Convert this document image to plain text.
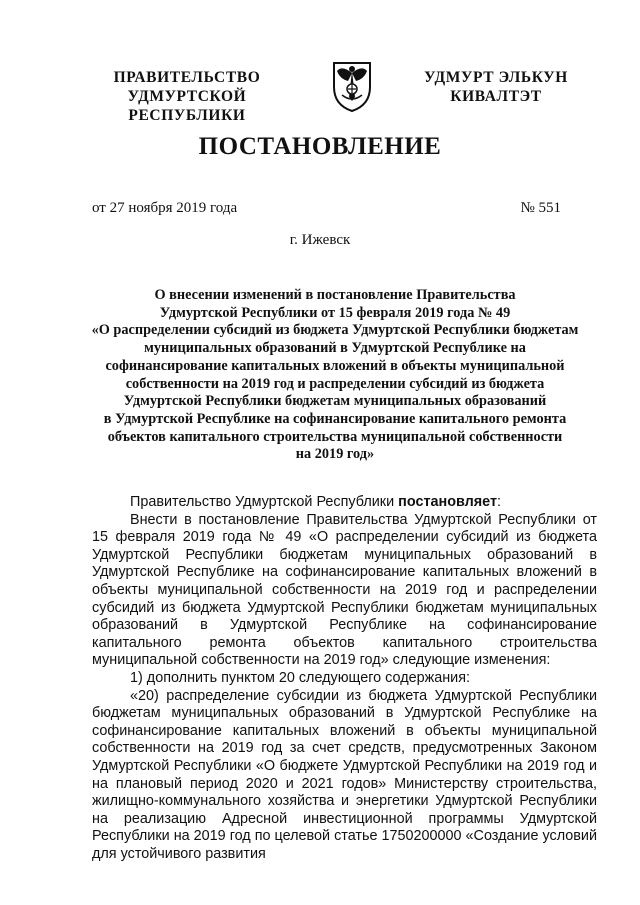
ПРАВИТЕЛЬСТВО
УДМУРТСКОЙ РЕСПУБЛИКИ
УДМУРТ ЭЛЬКУН
КИВАЛТЭТ
ПОСТАНОВЛЕНИЕ
от 27 ноября 2019 года	№ 551
г. Ижевск
О внесении изменений в постановление Правительства
Удмуртской Республики от 15 февраля 2019 года № 49
«О распределении субсидий из бюджета Удмуртской Республики бюджетам
муниципальных образований в Удмуртской Республике на
софинансирование капитальных вложений в объекты муниципальной
собственности на 2019 год и распределении субсидий из бюджета
Удмуртской Республики бюджетам муниципальных образований
в Удмуртской Республике на софинансирование капитального ремонта
объектов капитального строительства муниципальной собственности
на 2019 год»

Правительство Удмуртской Республики постановляет:

Внести в постановление Правительства Удмуртской Республики от 15 февраля 2019 года № 49 «О распределении субсидий из бюджета Удмуртской Республики бюджетам муниципальных образований в Удмуртской Республике на софинансирование капитальных вложений в объекты муниципальной собственности на 2019 год и распределении субсидий из бюджета Удмуртской Республики бюджетам муниципальных образований в Удмуртской Республике на софинансирование капитального ремонта объектов капитального строительства муниципальной собственности на 2019 год» следующие изменения:

1) дополнить пунктом 20 следующего содержания:

«20) распределение субсидии из бюджета Удмуртской Республики бюджетам муниципальных образований в Удмуртской Республике на софинансирование капитальных вложений в объекты муниципальной собственности на 2019 год за счет средств, предусмотренных Законом Удмуртской Республики «О бюджете Удмуртской Республики на 2019 год и на плановый период 2020 и 2021 годов» Министерству строительства, жилищно-коммунального хозяйства и энергетики Удмуртской Республики на реализацию Адресной инвестиционной программы Удмуртской Республики на 2019 год по целевой статье 1750200000 «Создание условий для устойчивого развития
